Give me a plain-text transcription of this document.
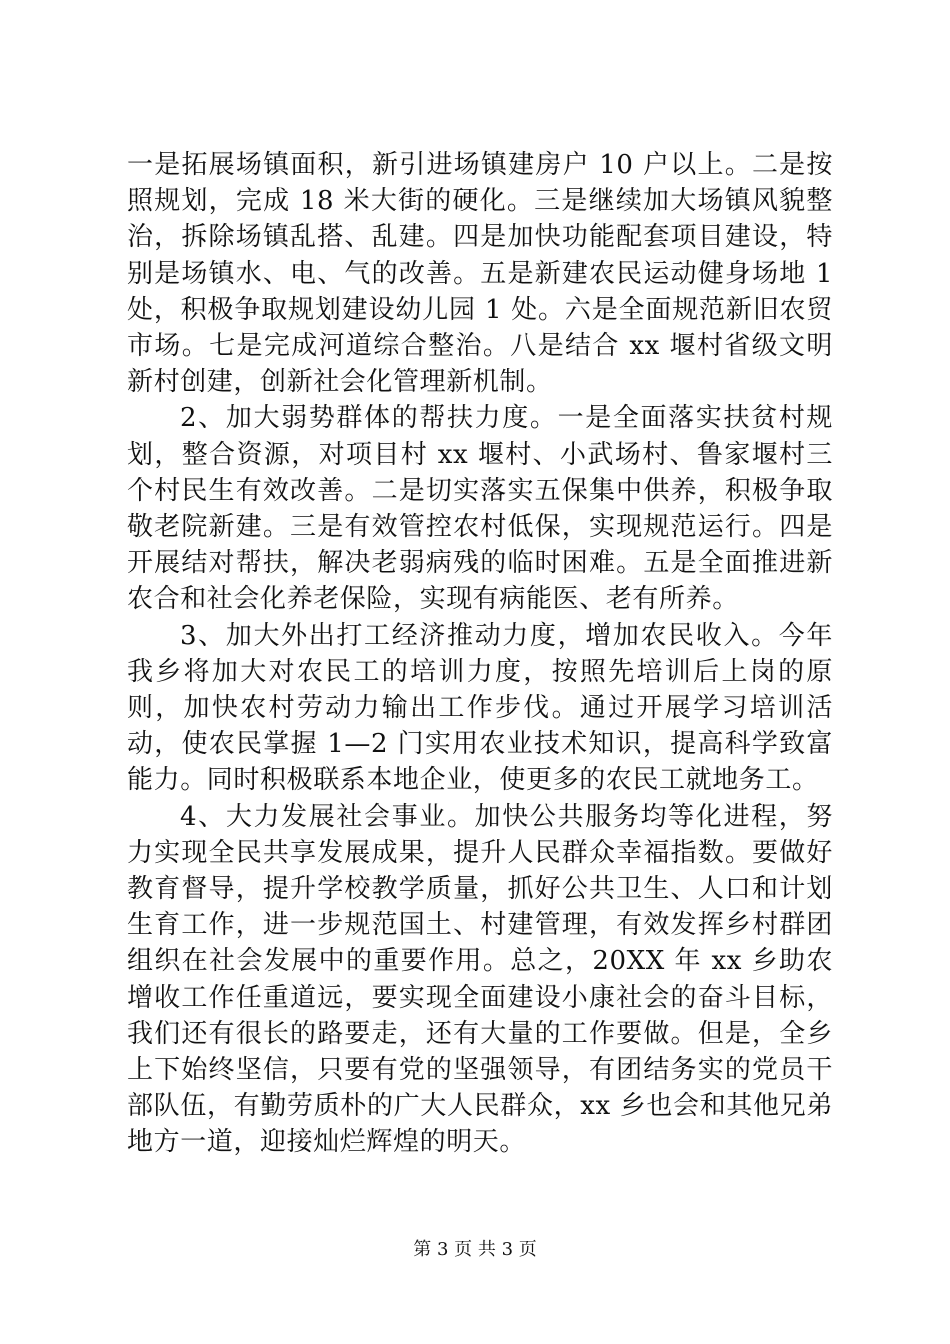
一是拓展场镇面积，新引进场镇建房户 10 户以上。二是按照规划，完成 18 米大街的硬化。三是继续加大场镇风貌整治，拆除场镇乱搭、乱建。四是加快功能配套项目建设，特别是场镇水、电、气的改善。五是新建农民运动健身场地 1 处，积极争取规划建设幼儿园 1 处。六是全面规范新旧农贸市场。七是完成河道综合整治。八是结合 xx 堰村省级文明新村创建，创新社会化管理新机制。

2、加大弱势群体的帮扶力度。一是全面落实扶贫村规划，整合资源，对项目村 xx 堰村、小武场村、鲁家堰村三个村民生有效改善。二是切实落实五保集中供养，积极争取敬老院新建。三是有效管控农村低保，实现规范运行。四是开展结对帮扶，解决老弱病残的临时困难。五是全面推进新农合和社会化养老保险，实现有病能医、老有所养。

3、加大外出打工经济推动力度，增加农民收入。今年我乡将加大对农民工的培训力度，按照先培训后上岗的原则，加快农村劳动力输出工作步伐。通过开展学习培训活动，使农民掌握 1—2 门实用农业技术知识，提高科学致富能力。同时积极联系本地企业，使更多的农民工就地务工。

4、大力发展社会事业。加快公共服务均等化进程，努力实现全民共享发展成果，提升人民群众幸福指数。要做好教育督导，提升学校教学质量，抓好公共卫生、人口和计划生育工作，进一步规范国土、村建管理，有效发挥乡村群团组织在社会发展中的重要作用。总之，20XX 年 xx 乡助农增收工作任重道远，要实现全面建设小康社会的奋斗目标，我们还有很长的路要走，还有大量的工作要做。但是，全乡上下始终坚信，只要有党的坚强领导，有团结务实的党员干部队伍，有勤劳质朴的广大人民群众，xx 乡也会和其他兄弟地方一道，迎接灿烂辉煌的明天。

第 3 页 共 3 页
